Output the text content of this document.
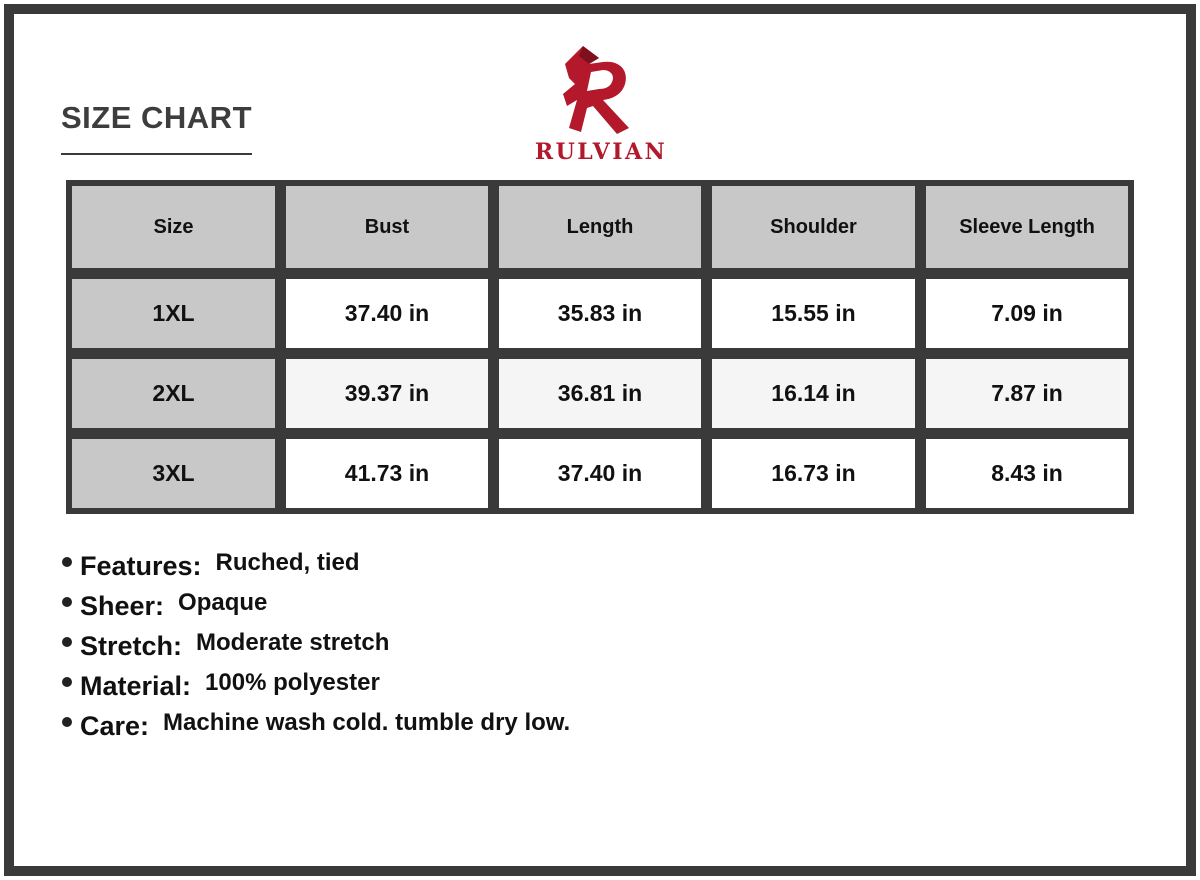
SIZE CHART
RULVIAN
Size	Bust	Length	Shoulder	Sleeve Length
1XL	37.40 in	35.83 in	15.55 in	7.09 in
2XL	39.37 in	36.81 in	16.14 in	7.87 in
3XL	41.73 in	37.40 in	16.73 in	8.43 in
Features: Ruched, tied
Sheer: Opaque
Stretch: Moderate stretch
Material: 100% polyester
Care: Machine wash cold. tumble dry low.
